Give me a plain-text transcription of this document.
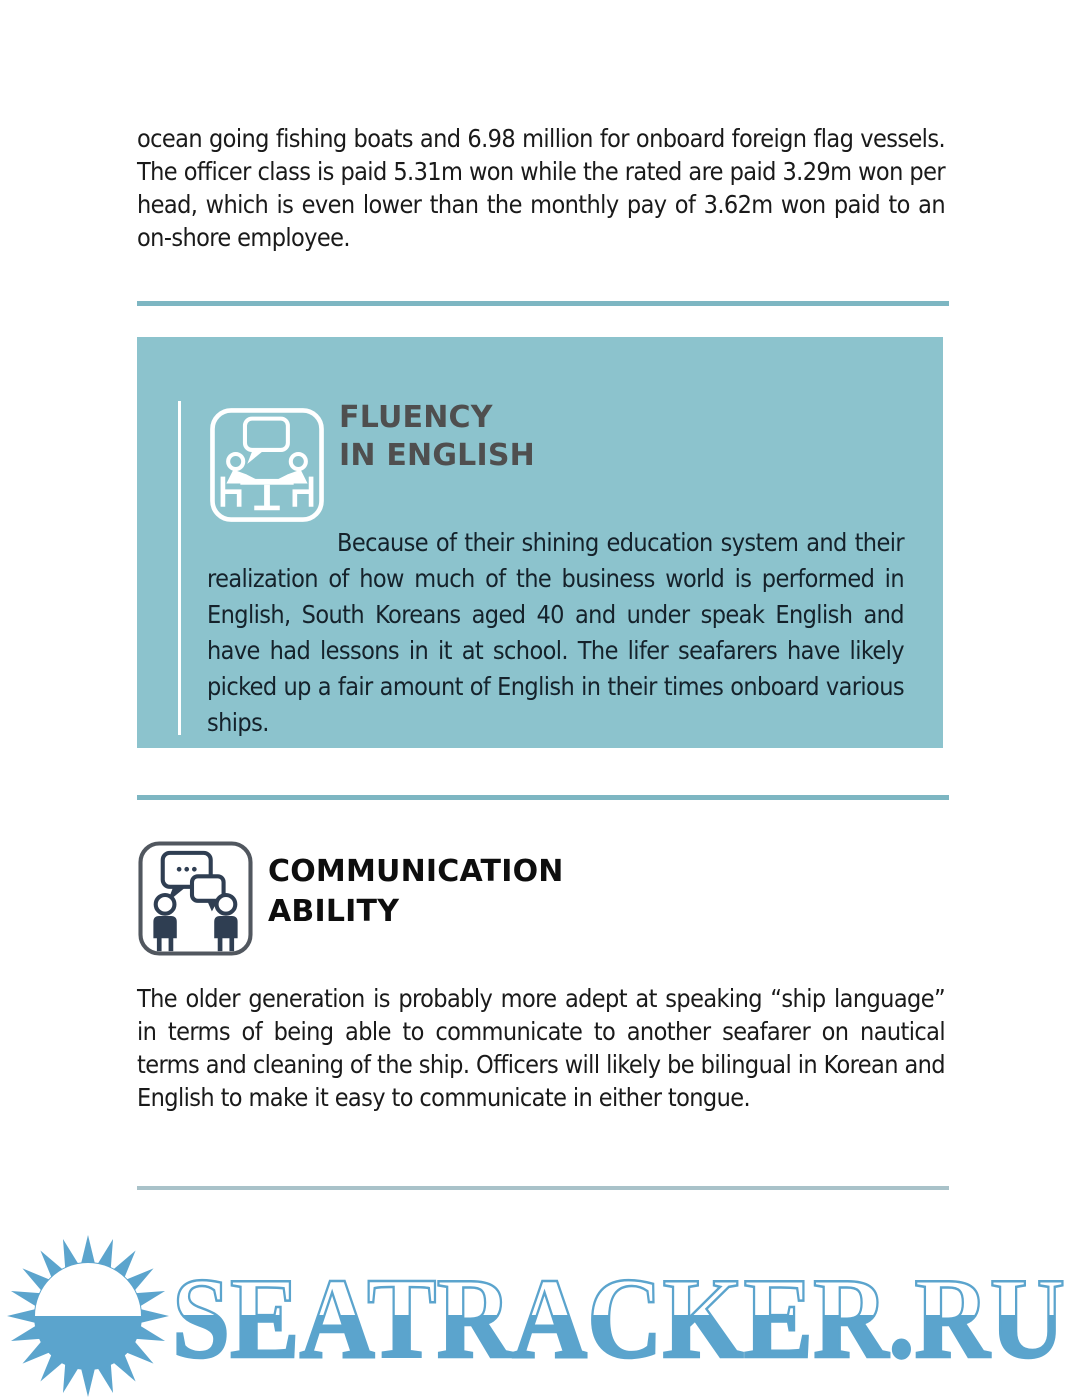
ocean going fishing boats and 6.98 million for onboard foreign flag vessels. The officer class is paid 5.31m won while the rated are paid 3.29m won per head, which is even lower than the monthly pay of 3.62m won paid to an on-shore employee.

FLUENCY
IN ENGLISH

Because of their shining education system and their realization of how much of the business world is performed in English, South Koreans aged 40 and under speak English and have had lessons in it at school. The lifer seafarers have likely picked up a fair amount of English in their times onboard various ships.

COMMUNICATION
ABILITY

The older generation is probably more adept at speaking “ship language” in terms of being able to communicate to another seafarer on nautical terms and cleaning of the ship. Officers will likely be bilingual in Korean and English to make it easy to communicate in either tongue.

SEATRACKER.RU
